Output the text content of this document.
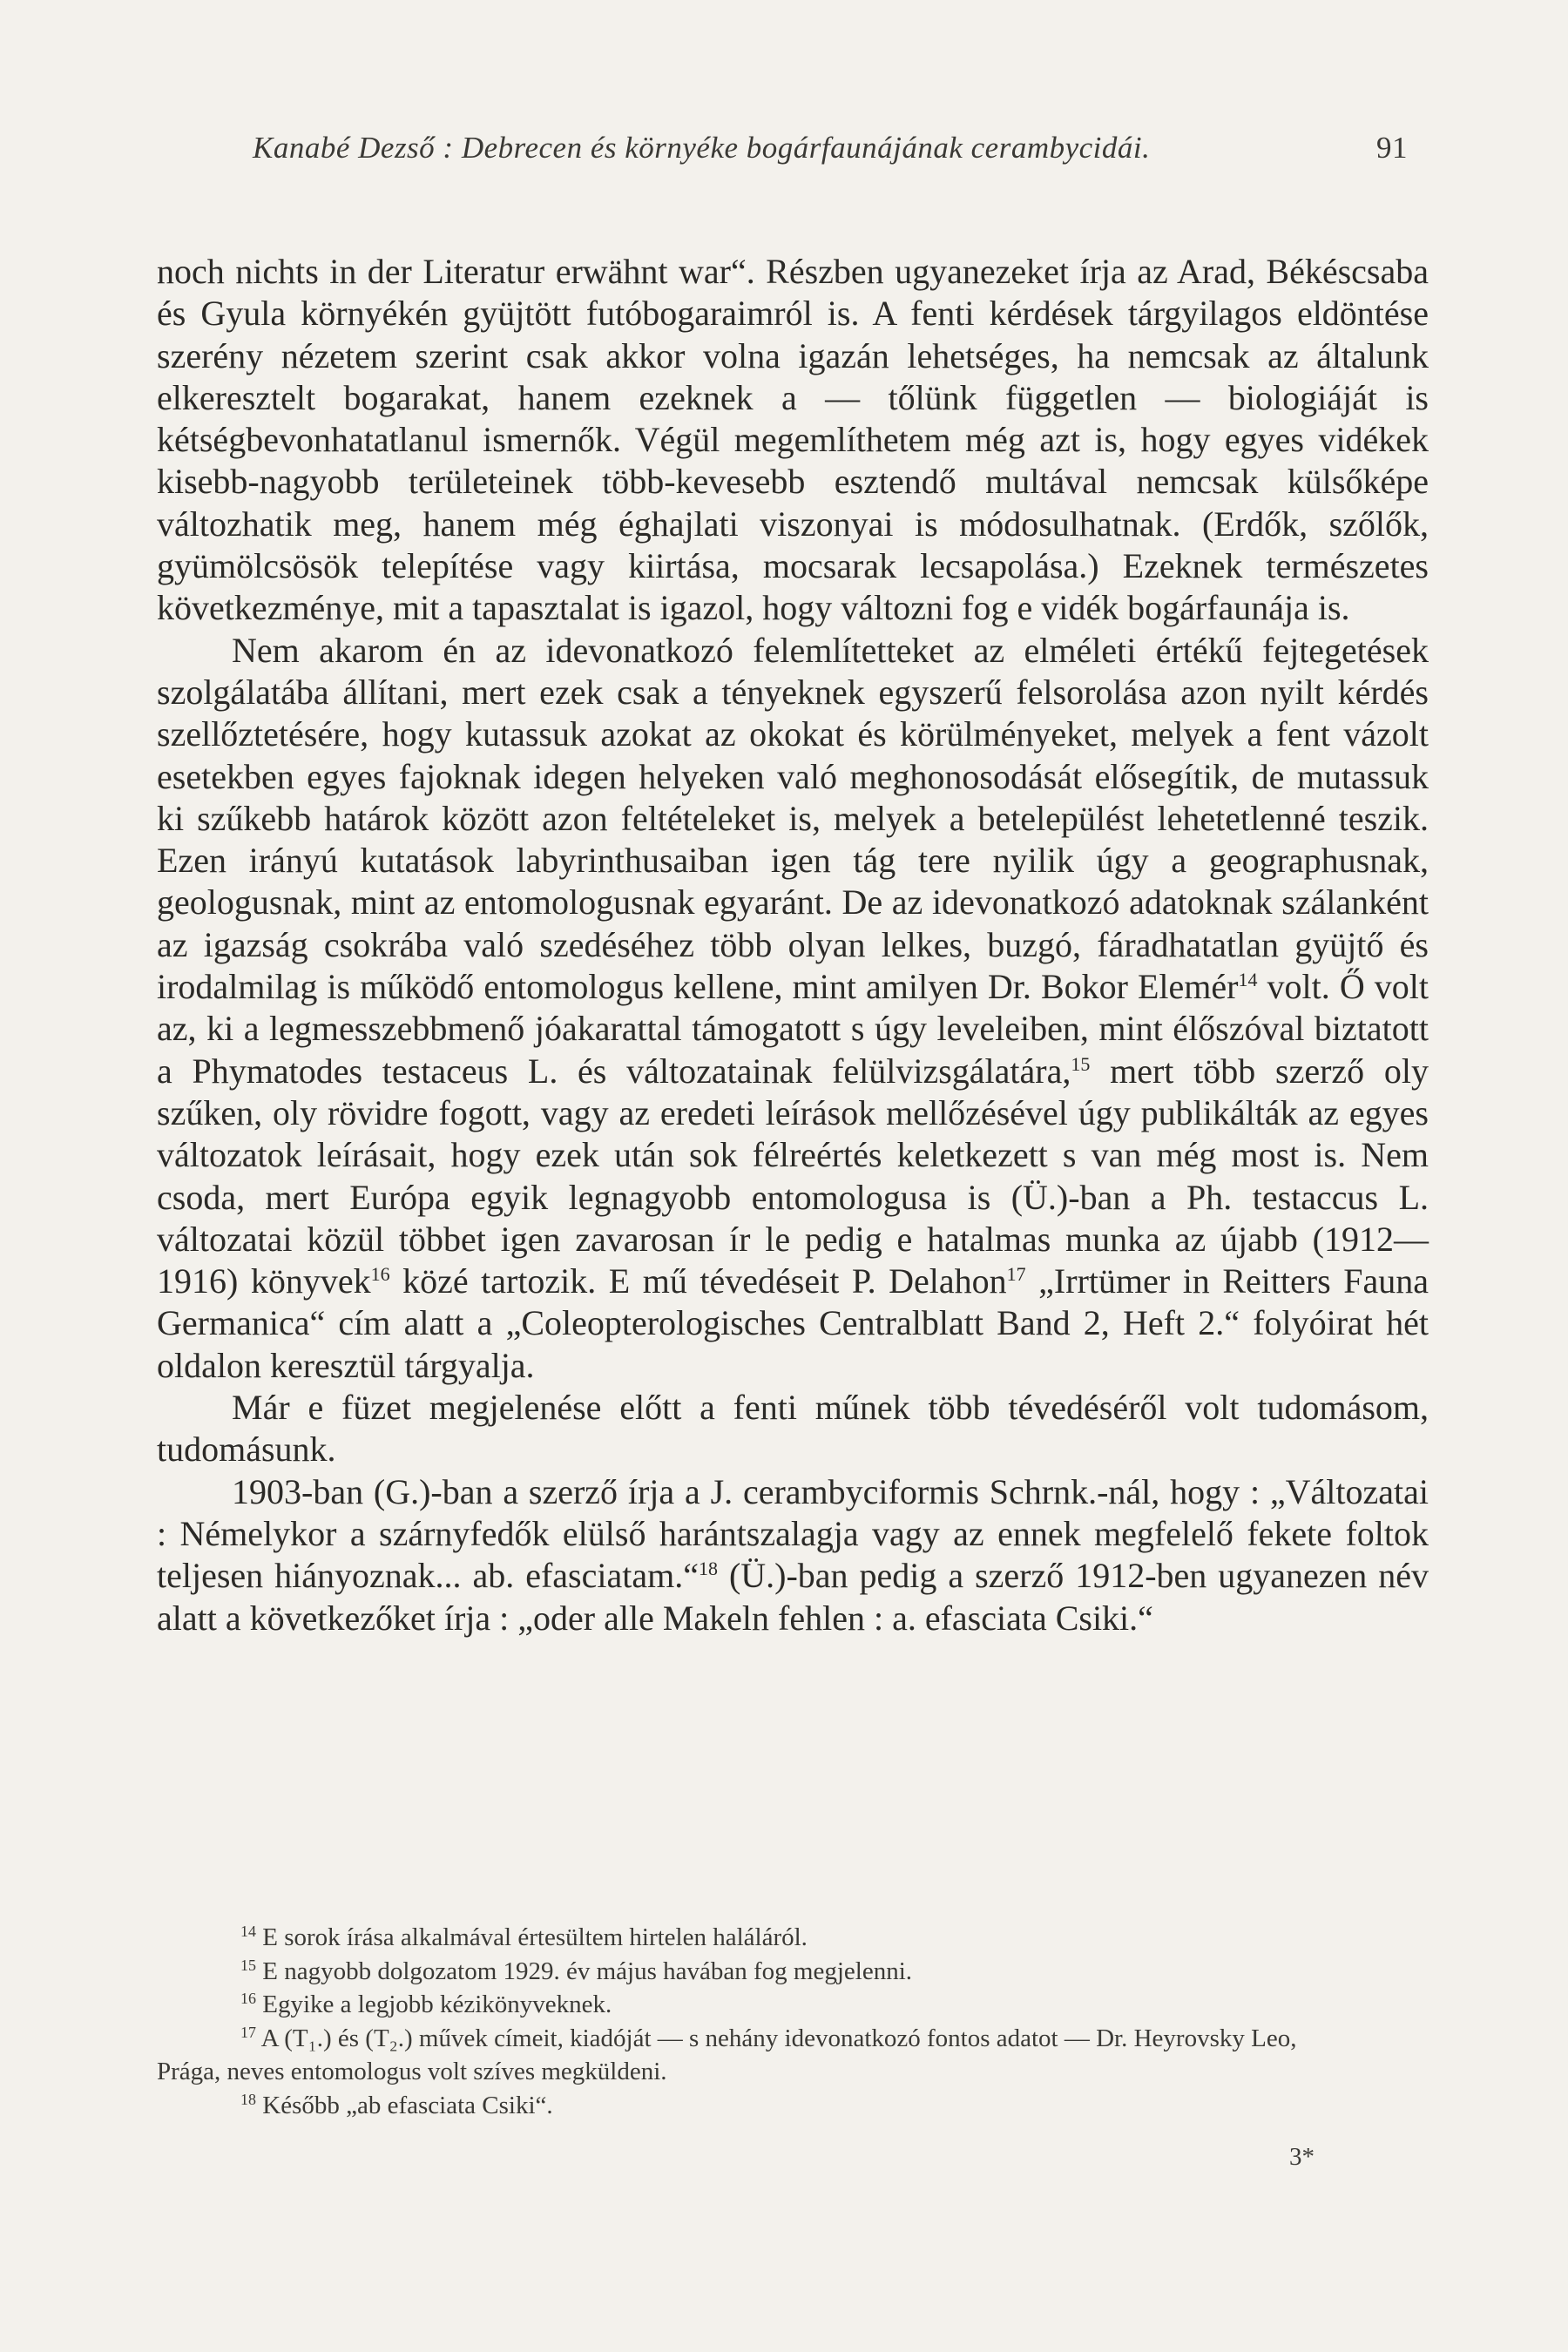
Kanabé Dezső : Debrecen és környéke bogárfaunájának cerambycidái.	91

noch nichts in der Literatur erwähnt war“. Részben ugyanezeket írja az Arad, Békéscsaba és Gyula környékén gyüjtött futóbogaraimról is. A fenti kérdések tárgyilagos eldöntése szerény nézetem szerint csak akkor volna igazán lehetséges, ha nemcsak az általunk elkeresztelt bogarakat, hanem ezeknek a — tőlünk független — biologiáját is kétségbevonhatatlanul ismernők. Végül megemlíthetem még azt is, hogy egyes vidékek kisebb-nagyobb területeinek több-kevesebb esztendő multával nemcsak külsőképe változhatik meg, hanem még éghajlati viszonyai is módosulhatnak. (Erdők, szőlők, gyümölcsösök telepítése vagy kiirtása, mocsarak lecsapolása.) Ezeknek természetes következménye, mit a tapasztalat is igazol, hogy változni fog e vidék bogárfaunája is.

Nem akarom én az idevonatkozó felemlítetteket az elméleti értékű fejtegetések szolgálatába állítani, mert ezek csak a tényeknek egyszerű felsorolása azon nyilt kérdés szellőztetésére, hogy kutassuk azokat az okokat és körülményeket, melyek a fent vázolt esetekben egyes fajoknak idegen helyeken való meghonosodását elősegítik, de mutassuk ki szűkebb határok között azon feltételeket is, melyek a betelepülést lehetetlenné teszik. Ezen irányú kutatások labyrinthusaiban igen tág tere nyilik úgy a geographusnak, geologusnak, mint az entomologusnak egyaránt. De az idevonatkozó adatoknak szálanként az igazság csokrába való szedéséhez több olyan lelkes, buzgó, fáradhatatlan gyüjtő és irodalmilag is működő entomologus kellene, mint amilyen Dr. Bokor Elemér$^{14}$ volt. Ő volt az, ki a legmesszebbmenő jóakarattal támogatott s úgy leveleiben, mint élőszóval biztatott a Phymatodes testaceus L. és változatainak felülvizsgálatára,$^{15}$ mert több szerző oly szűken, oly rövidre fogott, vagy az eredeti leírások mellőzésével úgy publikálták az egyes változatok leírásait, hogy ezek után sok félreértés keletkezett s van még most is. Nem csoda, mert Európa egyik legnagyobb entomologusa is (Ü.)-ban a Ph. testaccus L. változatai közül többet igen zavarosan ír le pedig e hatalmas munka az újabb (1912—1916) könyvek$^{16}$ közé tartozik. E mű tévedéseit P. Delahon$^{17}$ „Irrtümer in Reitters Fauna Germanica“ cím alatt a „Coleopterologisches Centralblatt Band 2, Heft 2.“ folyóirat hét oldalon keresztül tárgyalja.

Már e füzet megjelenése előtt a fenti műnek több tévedéséről volt tudomásom, tudomásunk.

1903-ban (G.)-ban a szerző írja a J. cerambyciformis Schrnk.-nál, hogy : „Változatai : Némelykor a szárnyfedők elülső harántszalagja vagy az ennek megfelelő fekete foltok teljesen hiányoznak... ab. efasciatam.“$^{18}$ (Ü.)-ban pedig a szerző 1912-ben ugyanezen név alatt a következőket írja : „oder alle Makeln fehlen : a. efasciata Csiki.“

$^{14}$ E sorok írása alkalmával értesültem hirtelen haláláról.

$^{15}$ E nagyobb dolgozatom 1929. év május havában fog megjelenni.

$^{16}$ Egyike a legjobb kézikönyveknek.

$^{17}$ A (T₁.) és (T₂.) művek címeit, kiadóját — s nehány idevonatkozó fontos adatot — Dr. Heyrovsky Leo, Prága, neves entomologus volt szíves megküldeni.

$^{18}$ Később „ab efasciata Csiki“.

3*
